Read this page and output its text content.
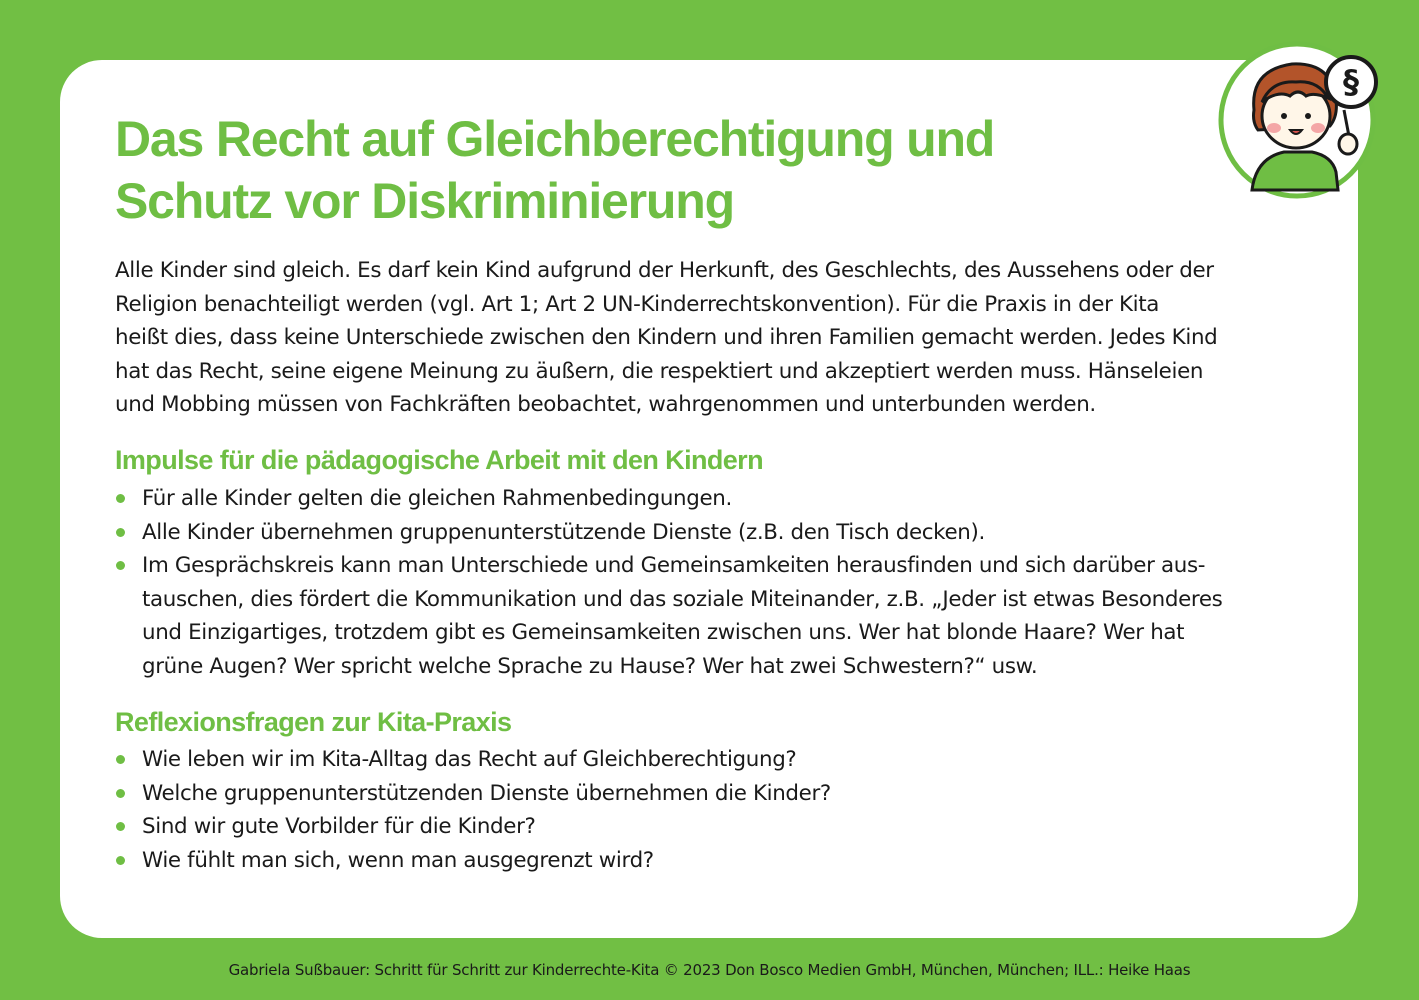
§
Das Recht auf Gleichberechtigung und
Schutz vor Diskriminierung
Alle Kinder sind gleich. Es darf kein Kind aufgrund der Herkunft, des Geschlechts, des Aussehens oder der
Religion benachteiligt werden (vgl. Art 1; Art 2 UN-Kinderrechtskonvention). Für die Praxis in der Kita
heißt dies, dass keine Unterschiede zwischen den Kindern und ihren Familien gemacht werden. Jedes Kind
hat das Recht, seine eigene Meinung zu äußern, die respektiert und akzeptiert werden muss. Hänseleien
und Mobbing müssen von Fachkräften beobachtet, wahrgenommen und unterbunden werden.
Impulse für die pädagogische Arbeit mit den Kindern
Für alle Kinder gelten die gleichen Rahmenbedingungen.
Alle Kinder übernehmen gruppenunterstützende Dienste (z.B. den Tisch decken).
Im Gesprächskreis kann man Unterschiede und Gemeinsamkeiten herausfinden und sich darüber aus-
tauschen, dies fördert die Kommunikation und das soziale Miteinander, z.B. „Jeder ist etwas Besonderes
und Einzigartiges, trotzdem gibt es Gemeinsamkeiten zwischen uns. Wer hat blonde Haare? Wer hat
grüne Augen? Wer spricht welche Sprache zu Hause? Wer hat zwei Schwestern?“ usw.
Reflexionsfragen zur Kita-Praxis
Wie leben wir im Kita-Alltag das Recht auf Gleichberechtigung?
Welche gruppenunterstützenden Dienste übernehmen die Kinder?
Sind wir gute Vorbilder für die Kinder?
Wie fühlt man sich, wenn man ausgegrenzt wird?
Gabriela Sußbauer: Schritt für Schritt zur Kinderrechte-Kita © 2023 Don Bosco Medien GmbH, München, München; ILL.: Heike Haas
